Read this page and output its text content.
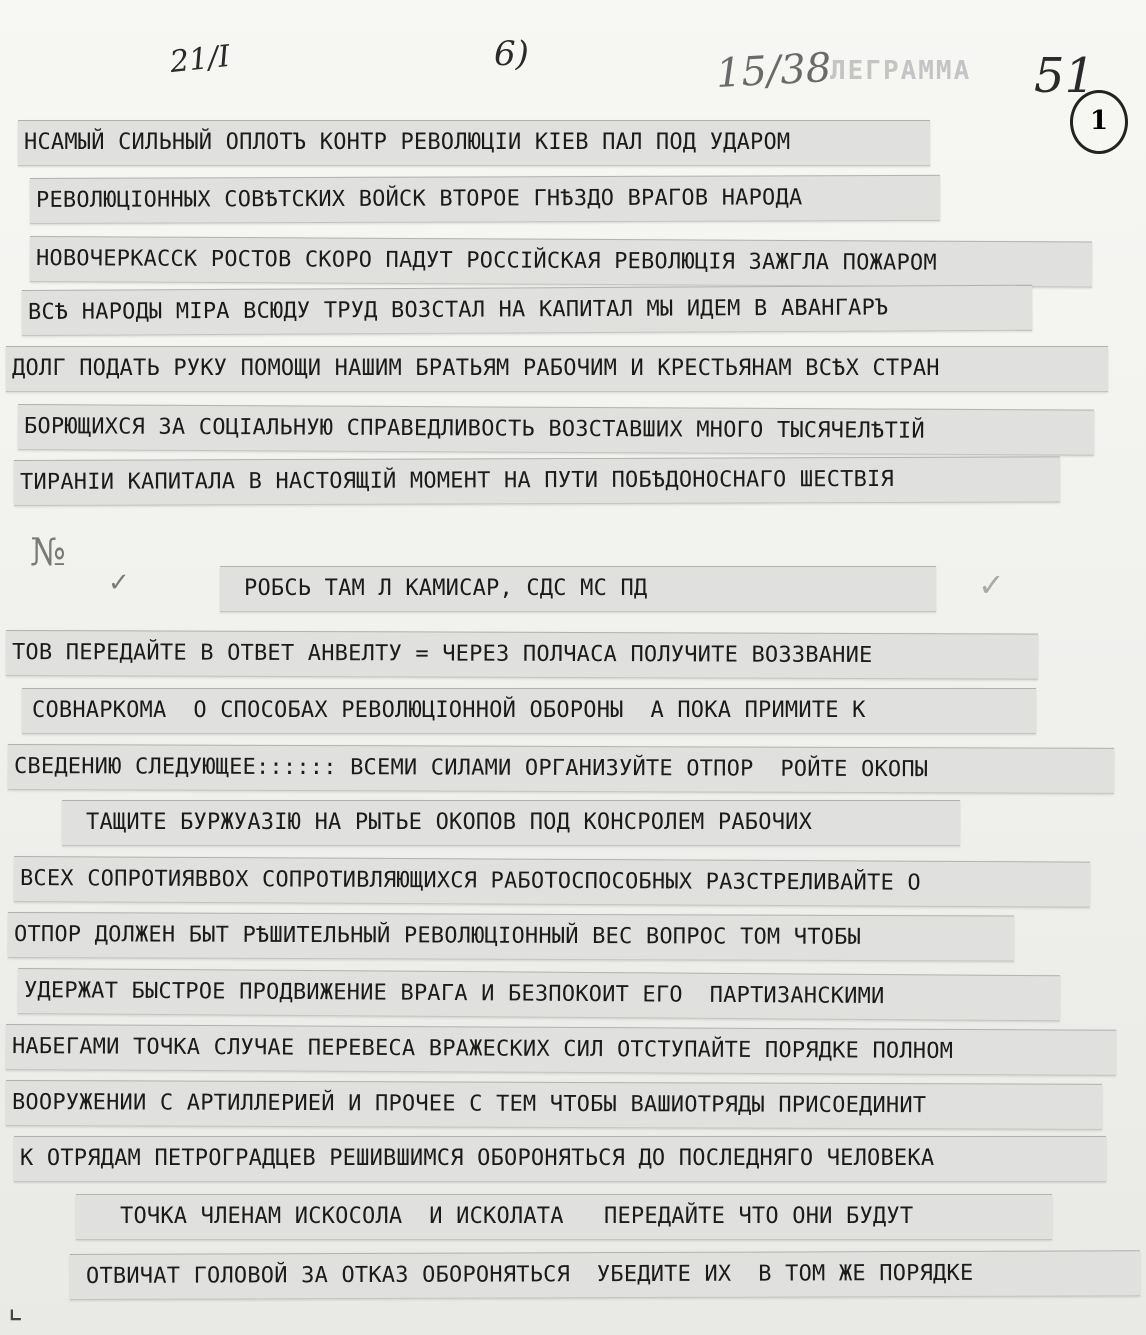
ЛЕГРАММА
21/I	6)	15/38	51
1
№
✓	✓
⌞
НСАМЫЙ СИЛЬНЫЙ ОПЛОТЪ КОНТР РЕВОЛЮЦІИ КІЕВ ПАЛ ПОД УДАРОМ
РЕВОЛЮЦІОННЫХ СОВѢТСКИХ ВОЙСК ВТОРОЕ ГНѢЗДО ВРАГОВ НАРОДА
НОВОЧЕРКАССК РОСТОВ СКОРО ПАДУТ РОССІЙСКАЯ РЕВОЛЮЦІЯ ЗАЖГЛА ПОЖАРОМ
ВСѢ НАРОДЫ МІРА ВСЮДУ ТРУД ВОЗСТАЛ НА КАПИТАЛ МЫ ИДЕМ В АВАНГАРЪ
ДОЛГ ПОДАТЬ РУКУ ПОМОЩИ НАШИМ БРАТЬЯМ РАБОЧИМ И КРЕСТЬЯНАМ ВСѢХ СТРАН
БОРЮЩИХСЯ ЗА СОЦІАЛЬНУЮ СПРАВЕДЛИВОСТЬ ВОЗСТАВШИХ МНОГО ТЫСЯЧЕЛѢТІЙ
ТИРАНІИ КАПИТАЛА В НАСТОЯЩІЙ МОМЕНТ НА ПУТИ ПОБѢДОНОСНАГО ШЕСТВІЯ
РОБСЬ ТАМ Л КАМИСАР, СДС МС ПД
ТОВ ПЕРЕДАЙТЕ В ОТВЕТ АНВЕЛТУ = ЧЕРЕЗ ПОЛЧАСА ПОЛУЧИТЕ ВОЗЗВАНИЕ
СОВНАРКОМА  О СПОСОБАХ РЕВОЛЮЦІОННОЙ ОБОРОНЫ  А ПОКА ПРИМИТЕ К
СВЕДЕНИЮ СЛЕДУЮЩЕЕ:::::: ВСЕМИ СИЛАМИ ОРГАНИЗУЙТЕ ОТПОР  РОЙТЕ ОКОПЫ
ТАЩИТЕ БУРЖУАЗІЮ НА РЫТЬЕ ОКОПОВ ПОД КОНСРОЛЕМ РАБОЧИХ
ВСЕХ СОПРОТИЯВВОХ СОПРОТИВЛЯЮЩИХСЯ РАБОТОСПОСОБНЫХ РАЗСТРЕЛИВАЙТЕ О
ОТПОР ДОЛЖЕН БЫТ РѢШИТЕЛЬНЫЙ РЕВОЛЮЦІОННЫЙ ВЕС ВОПРОС ТОМ ЧТОБЫ
УДЕРЖАТ БЫСТРОЕ ПРОДВИЖЕНИЕ ВРАГА И БЕЗПОКОИТ ЕГО  ПАРТИЗАНСКИМИ
НАБЕГАМИ ТОЧКА СЛУЧАЕ ПЕРЕВЕСА ВРАЖЕСКИХ СИЛ ОТСТУПАЙТЕ ПОРЯДКЕ ПОЛНОМ
ВООРУЖЕНИИ С АРТИЛЛЕРИЕЙ И ПРОЧЕЕ С ТЕМ ЧТОБЫ ВАШИОТРЯДЫ ПРИСОЕДИНИТ
К ОТРЯДАМ ПЕТРОГРАДЦЕВ РЕШИВШИМСЯ ОБОРОНЯТЬСЯ ДО ПОСЛЕДНЯГО ЧЕЛОВЕКА
ТОЧКА ЧЛЕНАМ ИСКОСОЛА  И ИСКОЛАТА   ПЕРЕДАЙТЕ ЧТО ОНИ БУДУТ
ОТВИЧАТ ГОЛОВОЙ ЗА ОТКАЗ ОБОРОНЯТЬСЯ  УБЕДИТЕ ИХ  В ТОМ ЖЕ ПОРЯДКЕ
